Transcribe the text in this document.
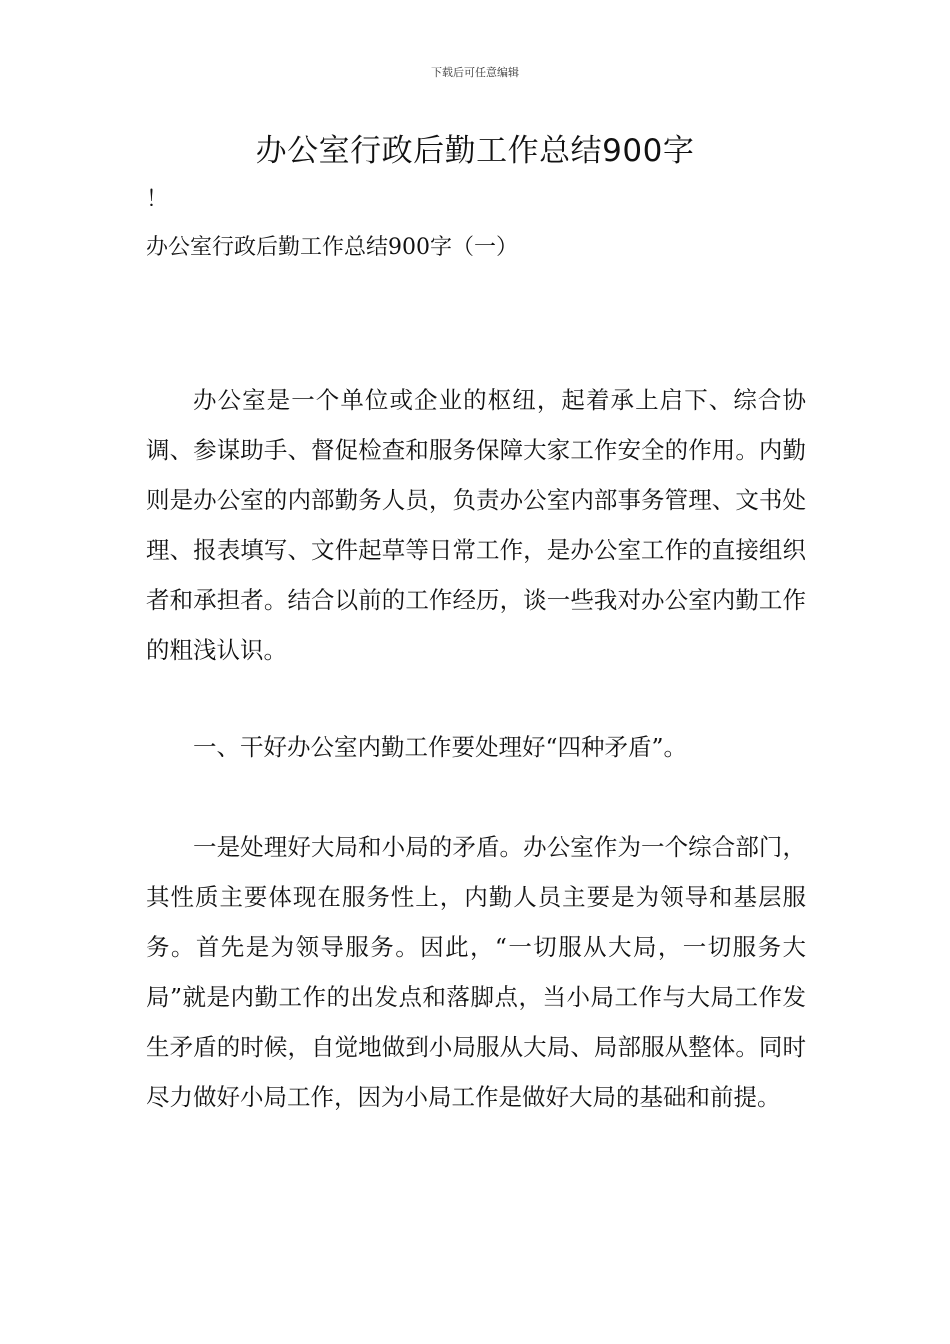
下载后可任意编辑
办公室行政后勤工作总结900字
！
办公室行政后勤工作总结900字（一）

办公室是一个单位或企业的枢纽，起着承上启下、综合协调、参谋助手、督促检查和服务保障大家工作安全的作用。内勤则是办公室的内部勤务人员，负责办公室内部事务管理、文书处理、报表填写、文件起草等日常工作，是办公室工作的直接组织者和承担者。结合以前的工作经历，谈一些我对办公室内勤工作的粗浅认识。

一、干好办公室内勤工作要处理好“四种矛盾”。

一是处理好大局和小局的矛盾。办公室作为一个综合部门，其性质主要体现在服务性上，内勤人员主要是为领导和基层服务。首先是为领导服务。因此，“一切服从大局，一切服务大局”就是内勤工作的出发点和落脚点，当小局工作与大局工作发生矛盾的时候，自觉地做到小局服从大局、局部服从整体。同时尽力做好小局工作，因为小局工作是做好大局的基础和前提。
